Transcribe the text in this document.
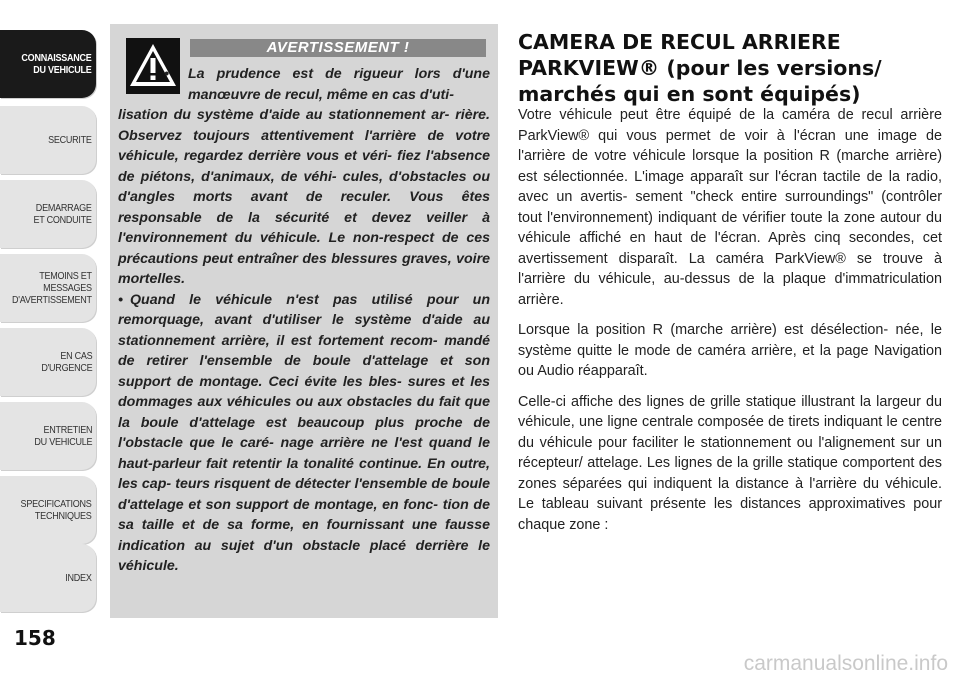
CONNAISSANCE
DU VEHICULE
SECURITE
DEMARRAGE
ET CONDUITE
TEMOINS ET
MESSAGES
D'AVERTISSEMENT
EN CAS
D'URGENCE
ENTRETIEN
DU VEHICULE
SPECIFICATIONS
TECHNIQUES
INDEX
158
AVERTISSEMENT !

• La prudence est de rigueur lors d'une manœuvre de recul, même en cas d'uti-

lisation du système d'aide au stationnement ar- rière. Observez toujours attentivement l'arrière de votre véhicule, regardez derrière vous et véri- fiez l'absence de piétons, d'animaux, de véhi- cules, d'obstacles ou d'angles morts avant de reculer. Vous êtes responsable de la sécurité et devez veiller à l'environnement du véhicule. Le non-respect de ces précautions peut entraîner des blessures graves, voire mortelles.

• Quand le véhicule n'est pas utilisé pour un remorquage, avant d'utiliser le système d'aide au stationnement arrière, il est fortement recom- mandé de retirer l'ensemble de boule d'attelage et son support de montage. Ceci évite les bles- sures et les dommages aux véhicules ou aux obstacles du fait que la boule d'attelage est beaucoup plus proche de l'obstacle que le caré- nage arrière ne l'est quand le haut-parleur fait retentir la tonalité continue. En outre, les cap- teurs risquent de détecter l'ensemble de boule d'attelage et son support de montage, en fonc- tion de sa taille et de sa forme, en fournissant une fausse indication au sujet d'un obstacle placé derrière le véhicule.

CAMERA DE RECUL ARRIERE PARKVIEW® (pour les versions/ marchés qui en sont équipés)

Votre véhicule peut être équipé de la caméra de recul arrière ParkView® qui vous permet de voir à l'écran une image de l'arrière de votre véhicule lorsque la position R (marche arrière) est sélectionnée. L'image apparaît sur l'écran tactile de la radio, avec un avertis- sement "check entire surroundings" (contrôler tout l'environnement) indiquant de vérifier toute la zone autour du véhicule affiché en haut de l'écran. Après cinq secondes, cet avertissement disparaît. La caméra ParkView® se trouve à l'arrière du véhicule, au-dessus de la plaque d'immatriculation arrière.

Lorsque la position R (marche arrière) est désélection- née, le système quitte le mode de caméra arrière, et la page Navigation ou Audio réapparaît.

Celle-ci affiche des lignes de grille statique illustrant la largeur du véhicule, une ligne centrale composée de tirets indiquant le centre du véhicule pour faciliter le stationnement ou l'alignement sur un récepteur/ attelage. Les lignes de la grille statique comportent des zones séparées qui indiquent la distance à l'arrière du véhicule. Le tableau suivant présente les distances approximatives pour chaque zone :

carmanualsonline.info
